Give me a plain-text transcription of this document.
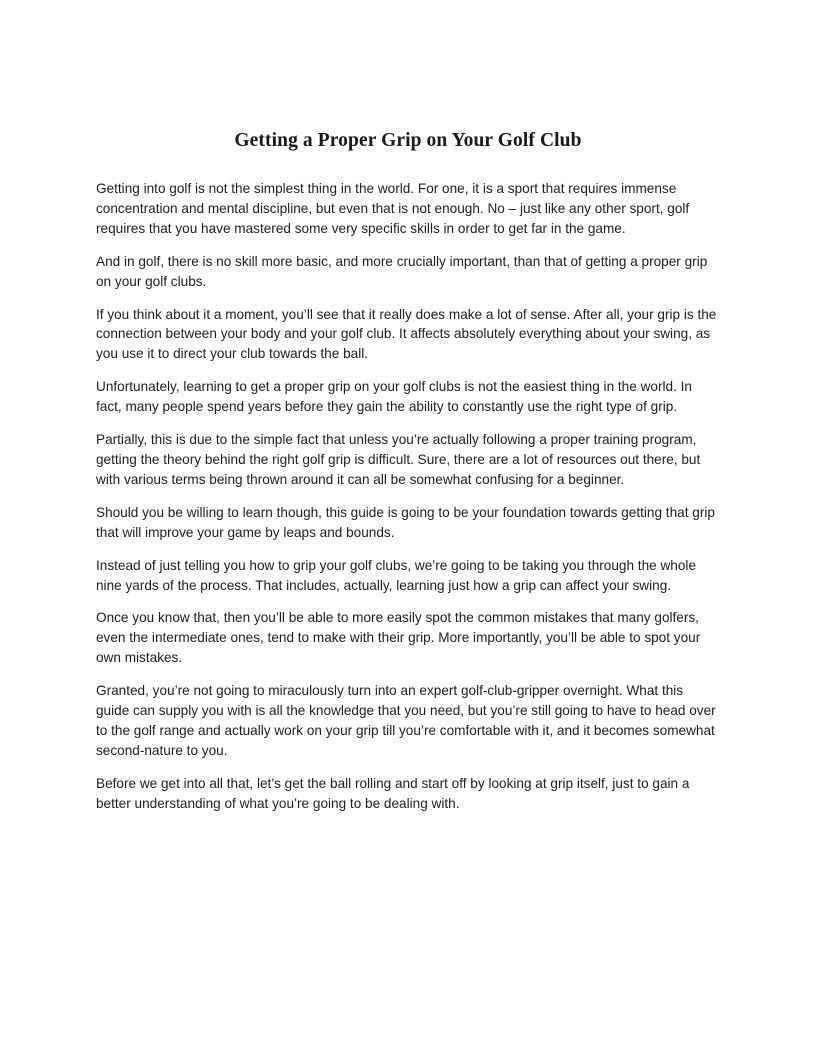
Getting a Proper Grip on Your Golf Club

Getting into golf is not the simplest thing in the world. For one, it is a sport that requires immense concentration and mental discipline, but even that is not enough. No – just like any other sport, golf requires that you have mastered some very specific skills in order to get far in the game.

And in golf, there is no skill more basic, and more crucially important, than that of getting a proper grip on your golf clubs.

If you think about it a moment, you’ll see that it really does make a lot of sense. After all, your grip is the connection between your body and your golf club. It affects absolutely everything about your swing, as you use it to direct your club towards the ball.

Unfortunately, learning to get a proper grip on your golf clubs is not the easiest thing in the world. In fact, many people spend years before they gain the ability to constantly use the right type of grip.

Partially, this is due to the simple fact that unless you’re actually following a proper training program, getting the theory behind the right golf grip is difficult. Sure, there are a lot of resources out there, but with various terms being thrown around it can all be somewhat confusing for a beginner.

Should you be willing to learn though, this guide is going to be your foundation towards getting that grip that will improve your game by leaps and bounds.

Instead of just telling you how to grip your golf clubs, we’re going to be taking you through the whole nine yards of the process. That includes, actually, learning just how a grip can affect your swing.

Once you know that, then you’ll be able to more easily spot the common mistakes that many golfers, even the intermediate ones, tend to make with their grip. More importantly, you’ll be able to spot your own mistakes.

Granted, you’re not going to miraculously turn into an expert golf-club-gripper overnight. What this guide can supply you with is all the knowledge that you need, but you’re still going to have to head over to the golf range and actually work on your grip till you’re comfortable with it, and it becomes somewhat second-nature to you.

Before we get into all that, let’s get the ball rolling and start off by looking at grip itself, just to gain a better understanding of what you’re going to be dealing with.
